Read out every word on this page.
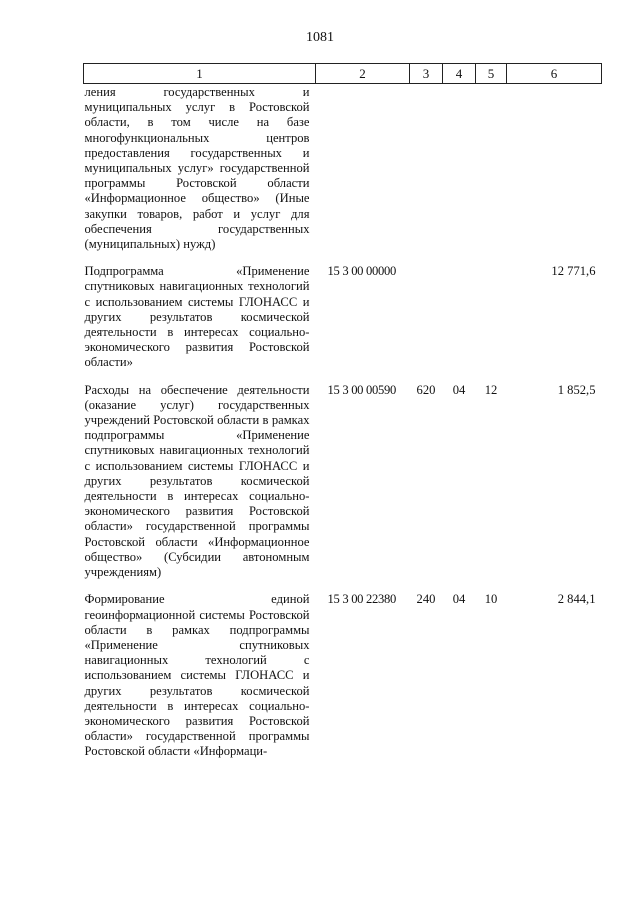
1081
1	2	3	4	5	6
ления государственных и муниципальных услуг в Ростовской области, в том числе на базе многофункциональных центров предоставления государственных и муниципальных услуг» государственной программы Ростовской области «Информационное общество» (Иные закупки товаров, работ и услуг для обеспечения государственных (муниципальных) нужд)					
Подпрограмма «Применение спутниковых навигационных технологий с использованием системы ГЛОНАСС и других результатов космической деятельности в интересах социально-экономического развития Ростовской области»	15 3 00 00000				12 771,6
Расходы на обеспечение деятельности (оказание услуг) государственных учреждений Ростовской области в рамках подпрограммы «Применение спутниковых навигационных технологий с использованием системы ГЛОНАСС и других результатов космической деятельности в интересах социально-экономического развития Ростовской области» государственной программы Ростовской области «Информационное общество» (Субсидии автономным учреждениям)	15 3 00 00590	620	04	12	1 852,5
Формирование единой геоинформационной системы Ростовской области в рамках подпрограммы «Применение спутниковых навигационных технологий с использованием системы ГЛОНАСС и других результатов космической деятельности в интересах социально-экономического развития Ростовской области» государственной программы Ростовской области «Информаци-	15 3 00 22380	240	04	10	2 844,1
